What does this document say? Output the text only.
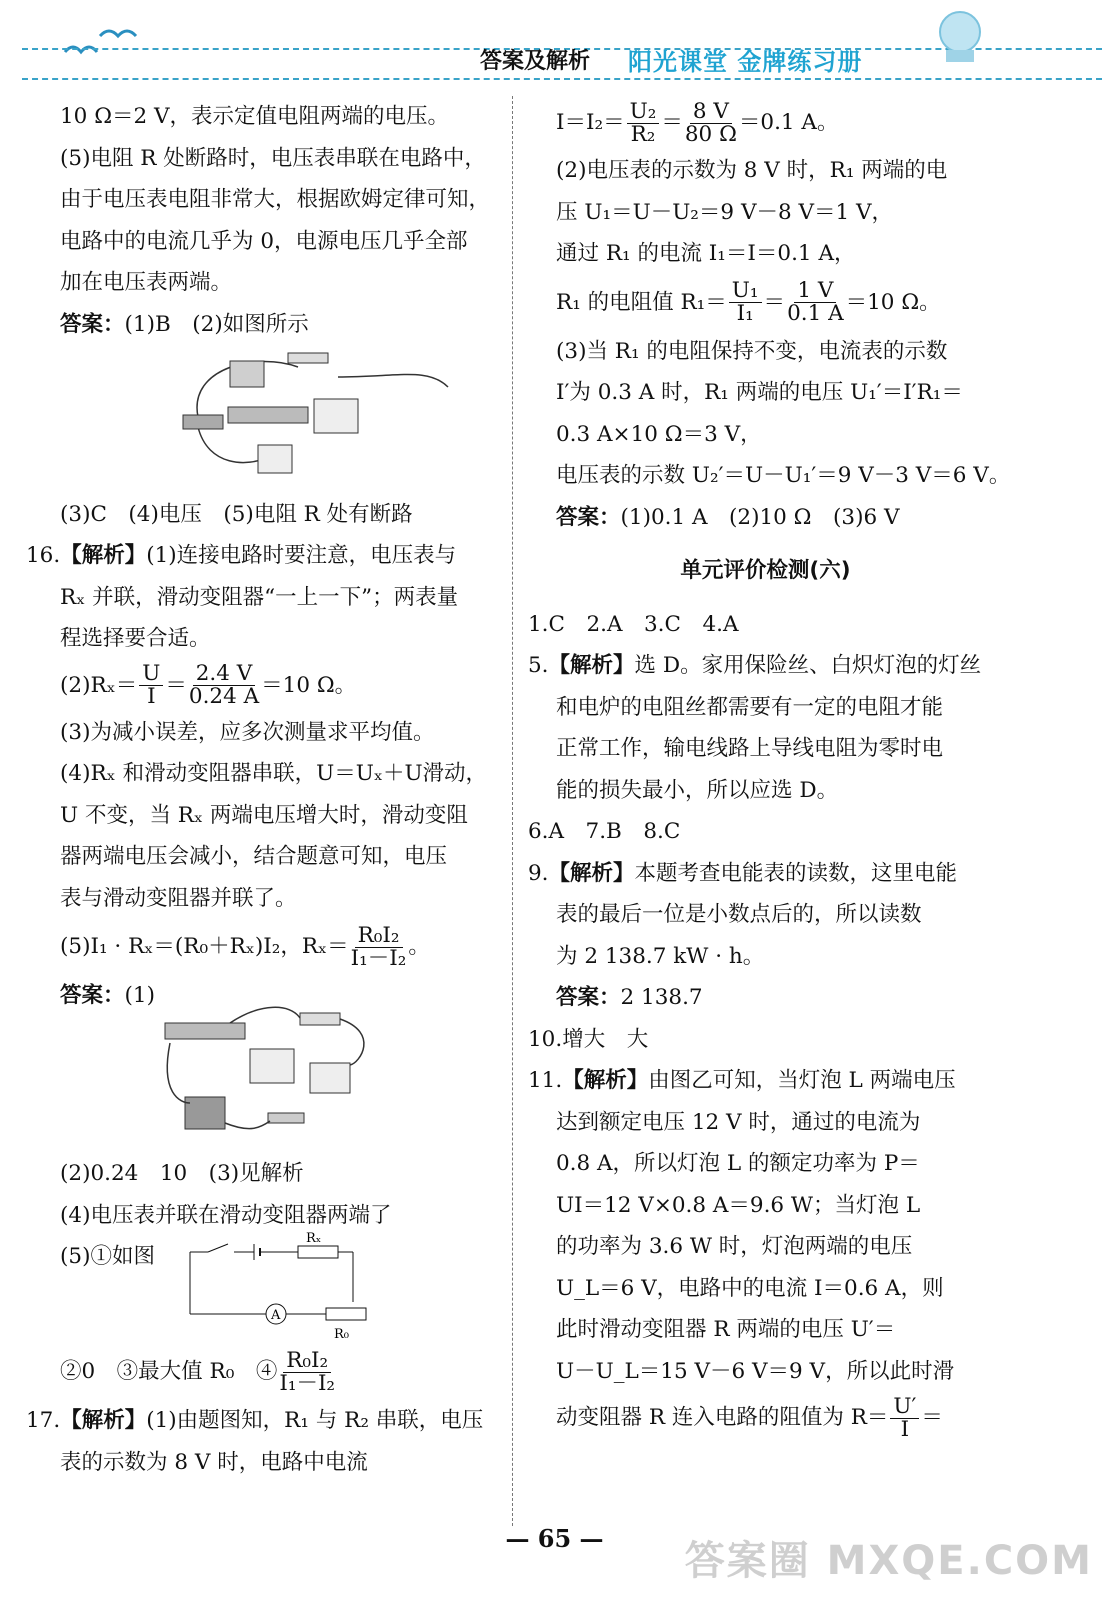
答案及解析 阳光课堂 金牌练习册
10 Ω＝2 V，表示定值电阻两端的电压。
(5)电阻 R 处断路时，电压表串联在电路中，
由于电压表电阻非常大，根据欧姆定律可知，
电路中的电流几乎为 0，电源电压几乎全部
加在电压表两端。
答案：(1)B　(2)如图所示
(3)C　(4)电压　(5)电阻 R 处有断路
16.【解析】(1)连接电路时要注意，电压表与
Rₓ 并联，滑动变阻器“一上一下”；两表量
程选择要合适。
$(2)R_x= \frac{U}{I} = \frac{2.4 V}{0.24 A} =10$ Ω。
(3)为减小误差，应多次测量求平均值。
(4)Rₓ 和滑动变阻器串联，U＝Uₓ＋U滑动，
U 不变，当 Rₓ 两端电压增大时，滑动变阻
器两端电压会减小，结合题意可知，电压
表与滑动变阻器并联了。
(5)I₁ · Rₓ＝(R₀＋Rₓ)I₂，$R_x= \frac{\text{R₀I₂}}{\text{I₁－I₂}}$ 。
答案：(1)
(2)0.24　10　(3)见解析
(4)电压表并联在滑动变阻器两端了
(5)①如图
Rₓ
A
R₀

②0　③最大值 R₀　④ $\frac{\text{R₀I₂}}{\text{I₁－I₂}}$
17.【解析】(1)由题图知，R₁ 与 R₂ 串联，电压
表的示数为 8 V 时，电路中电流
$I=I_2= \frac{\text{U₂}}{\text{R₂}} = \frac{8 V}{80 \Omega} =0.1$ A。
(2)电压表的示数为 8 V 时，R₁ 两端的电
压 U₁＝U－U₂＝9 V－8 V＝1 V，
通过 R₁ 的电流 I₁＝I＝0.1 A，
R₁ 的电阻值 $R_1= \frac{\text{U₁}}{\text{I₁}} = \frac{1 V}{0.1 A} =10$ Ω。
(3)当 R₁ 的电阻保持不变，电流表的示数
I′为 0.3 A 时，R₁ 两端的电压 U₁′＝I′R₁＝
0.3 A×10 Ω＝3 V，
电压表的示数 U₂′＝U－U₁′＝9 V－3 V＝6 V。
答案：(1)0.1 A　(2)10 Ω　(3)6 V
单元评价检测(六)
1.C　2.A　3.C　4.A
5.【解析】选 D。家用保险丝、白炽灯泡的灯丝
和电炉的电阻丝都需要有一定的电阻才能
正常工作，输电线路上导线电阻为零时电
能的损失最小，所以应选 D。
6.A　7.B　8.C
9.【解析】本题考查电能表的读数，这里电能
表的最后一位是小数点后的，所以读数
为 2 138.7 kW · h。
答案：2 138.7
10.增大　大
11.【解析】由图乙可知，当灯泡 L 两端电压
达到额定电压 12 V 时，通过的电流为
0.8 A，所以灯泡 L 的额定功率为 P＝
UI＝12 V×0.8 A＝9.6 W；当灯泡 L
的功率为 3.6 W 时，灯泡两端的电压
U_L＝6 V，电路中的电流 I＝0.6 A，则
此时滑动变阻器 R 两端的电压 U′＝
U－U_L＝15 V－6 V＝9 V，所以此时滑
动变阻器 R 连入电路的阻值为 $R= \frac{U'}{I}$ ＝
— 65 —	答案圈 MXQE.COM
